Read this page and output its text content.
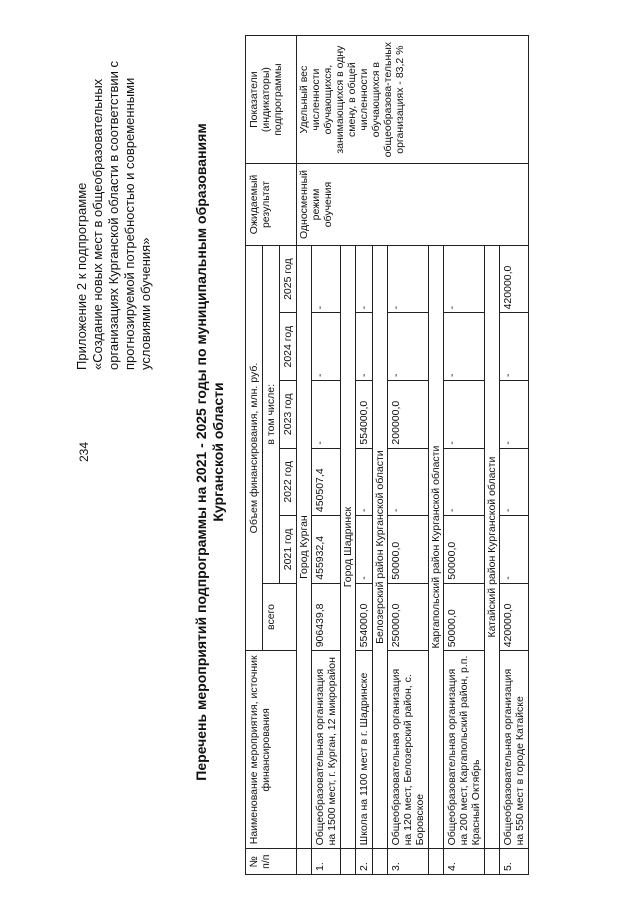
234
Приложение 2 к подпрограмме «Создание новых мест в общеобразовательных организациях Курганской области в соответствии с прогнозируемой потребностью и современными условиями обучения»	Перечень мероприятий подпрограммы на 2021 - 2025 годы по муниципальным образованиям Курганской области
№ п/п	Наименование мероприятия, источник финансирования	Объем финансирования, млн. руб.						Ожидаемый результат	Показатели (индикаторы) подпрограммы
		всего	в том числе:						
			2021 год	2022 год	2023 год	2024 год	2025 год		
	Город Курган							Односменный режим обучения	Удельный вес численности обучающихся, занимающихся в одну смену, в общей численности обучающихся в общеобразова-тельных организациях - 83,2 %
1.	Общеобразовательная организация на 1500 мест, г. Курган, 12 микрорайон	906439,8	455932,4	450507,4	-	-	-		
	Город Шадринск								
2.	Школа на 1100 мест в г. Шадринске	554000,0	-	-	554000,0	-	-		
	Белозерский район Курганской области								
3.	Общеобразовательная организация на 120 мест, Белозерский район, с. Боровское	250000,0	50000,0	-	200000,0	-	-		
	Каргапольский район Курганской области								
4.	Общеобразовательная организация на 200 мест, Каргапольский район, р.п. Красный Октябрь	50000,0	50000,0	-	-	-	-		
	Катайский район Курганской области								
5.	Общеобразовательная организация на 550 мест в городе Катайске	420000,0	-	-	-	-	420000,0		
